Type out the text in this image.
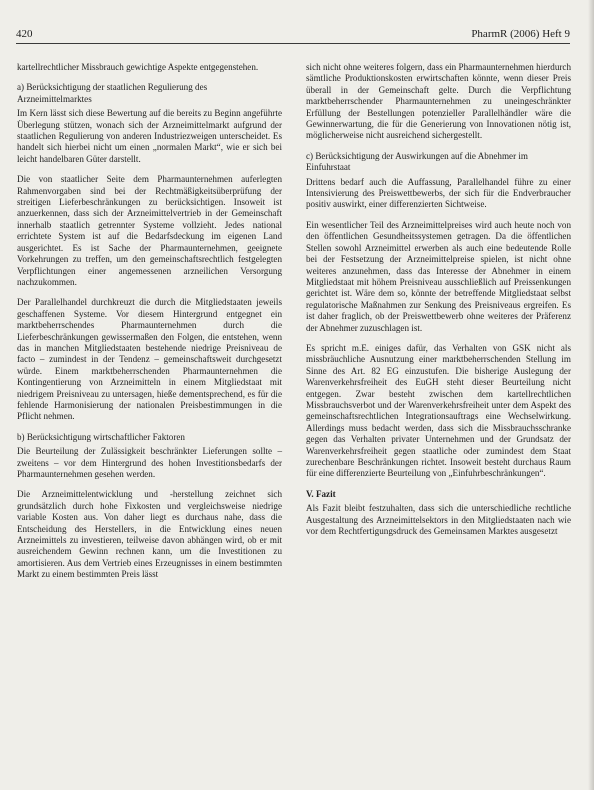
420	PharmR (2006) Heft 9

kartellrechtlicher Missbrauch gewichtige Aspekte entgegenstehen.

a) Berücksichtigung der staatlichen Regulierung des Arzneimittelmarktes

Im Kern lässt sich diese Bewertung auf die bereits zu Beginn angeführte Überlegung stützen, wonach sich der Arzneimittelmarkt aufgrund der staatlichen Regulierung von anderen Industriezweigen unterscheidet. Es handelt sich hierbei nicht um einen „normalen Markt“, wie er sich bei leicht handelbaren Güter darstellt.

Die von staatlicher Seite dem Pharmaunternehmen auferlegten Rahmenvorgaben sind bei der Rechtmäßigkeitsüberprüfung der streitigen Lieferbeschränkungen zu berücksichtigen. Insoweit ist anzuerkennen, dass sich der Arzneimittelvertrieb in der Gemeinschaft innerhalb staatlich getrennter Systeme vollzieht. Jedes national errichtete System ist auf die Bedarfsdeckung im eigenen Land ausgerichtet. Es ist Sache der Pharmaunternehmen, geeignete Vorkehrungen zu treffen, um den gemeinschaftsrechtlich festgelegten Verpflichtungen einer angemessenen arzneilichen Versorgung nachzukommen.

Der Parallelhandel durchkreuzt die durch die Mitgliedstaaten jeweils geschaffenen Systeme. Vor diesem Hintergrund entgegnet ein marktbeherrschendes Pharmaunternehmen durch die Lieferbeschränkungen gewissermaßen den Folgen, die entstehen, wenn das in manchen Mitgliedstaaten bestehende niedrige Preisniveau de facto – zumindest in der Tendenz – gemeinschaftsweit durchgesetzt würde. Einem marktbeherrschenden Pharmaunternehmen die Kontingentierung von Arzneimitteln in einem Mitgliedstaat mit niedrigem Preisniveau zu untersagen, hieße dementsprechend, es für die fehlende Harmonisierung der nationalen Preisbestimmungen in die Pflicht nehmen.

b) Berücksichtigung wirtschaftlicher Faktoren

Die Beurteilung der Zulässigkeit beschränkter Lieferungen sollte – zweitens – vor dem Hintergrund des hohen Investitionsbedarfs der Pharmaunternehmen gesehen werden.

Die Arzneimittelentwicklung und -herstellung zeichnet sich grundsätzlich durch hohe Fixkosten und vergleichsweise niedrige variable Kosten aus. Von daher liegt es durchaus nahe, dass die Entscheidung des Herstellers, in die Entwicklung eines neuen Arzneimittels zu investieren, teilweise davon abhängen wird, ob er mit ausreichendem Gewinn rechnen kann, um die Investitionen zu amortisieren. Aus dem Vertrieb eines Erzeugnisses in einem bestimmten Markt zu einem bestimmten Preis lässt

sich nicht ohne weiteres folgern, dass ein Pharmaunternehmen hierdurch sämtliche Produktionskosten erwirtschaften könnte, wenn dieser Preis überall in der Gemeinschaft gelte. Durch die Verpflichtung marktbeherrschender Pharmaunternehmen zu uneingeschränkter Erfüllung der Bestellungen potenzieller Parallelhändler wäre die Gewinnerwartung, die für die Generierung von Innovationen nötig ist, möglicherweise nicht ausreichend sichergestellt.

c) Berücksichtigung der Auswirkungen auf die Abnehmer im Einfuhrstaat

Drittens bedarf auch die Auffassung, Parallelhandel führe zu einer Intensivierung des Preiswettbewerbs, der sich für die Endverbraucher positiv auswirkt, einer differenzierten Sichtweise.

Ein wesentlicher Teil des Arzneimittelpreises wird auch heute noch von den öffentlichen Gesundheitssystemen getragen. Da die öffentlichen Stellen sowohl Arzneimittel erwerben als auch eine bedeutende Rolle bei der Festsetzung der Arzneimittelpreise spielen, ist nicht ohne weiteres anzunehmen, dass das Interesse der Abnehmer in einem Mitgliedstaat mit höhem Preisniveau ausschließlich auf Preissenkungen gerichtet ist. Wäre dem so, könnte der betreffende Mitgliedstaat selbst regulatorische Maßnahmen zur Senkung des Preisniveaus ergreifen. Es ist daher fraglich, ob der Preiswettbewerb ohne weiteres der Präferenz der Abnehmer zuzuschlagen ist.

Es spricht m.E. einiges dafür, das Verhalten von GSK nicht als missbräuchliche Ausnutzung einer marktbeherrschenden Stellung im Sinne des Art. 82 EG einzustufen. Die bisherige Auslegung der Warenverkehrsfreiheit des EuGH steht dieser Beurteilung nicht entgegen. Zwar besteht zwischen dem kartellrechtlichen Missbrauchsverbot und der Warenverkehrsfreiheit unter dem Aspekt des gemeinschaftsrechtlichen Integrationsauftrags eine Wechselwirkung. Allerdings muss bedacht werden, dass sich die Missbrauchsschranke gegen das Verhalten privater Unternehmen und der Grundsatz der Warenverkehrsfreiheit gegen staatliche oder zumindest dem Staat zurechenbare Beschränkungen richtet. Insoweit besteht durchaus Raum für eine differenzierte Beurteilung von „Einfuhrbeschränkungen“.

V. Fazit

Als Fazit bleibt festzuhalten, dass sich die unterschiedliche rechtliche Ausgestaltung des Arzneimittelsektors in den Mitgliedstaaten nach wie vor dem Rechtfertigungsdruck des Gemeinsamen Marktes ausgesetzt
